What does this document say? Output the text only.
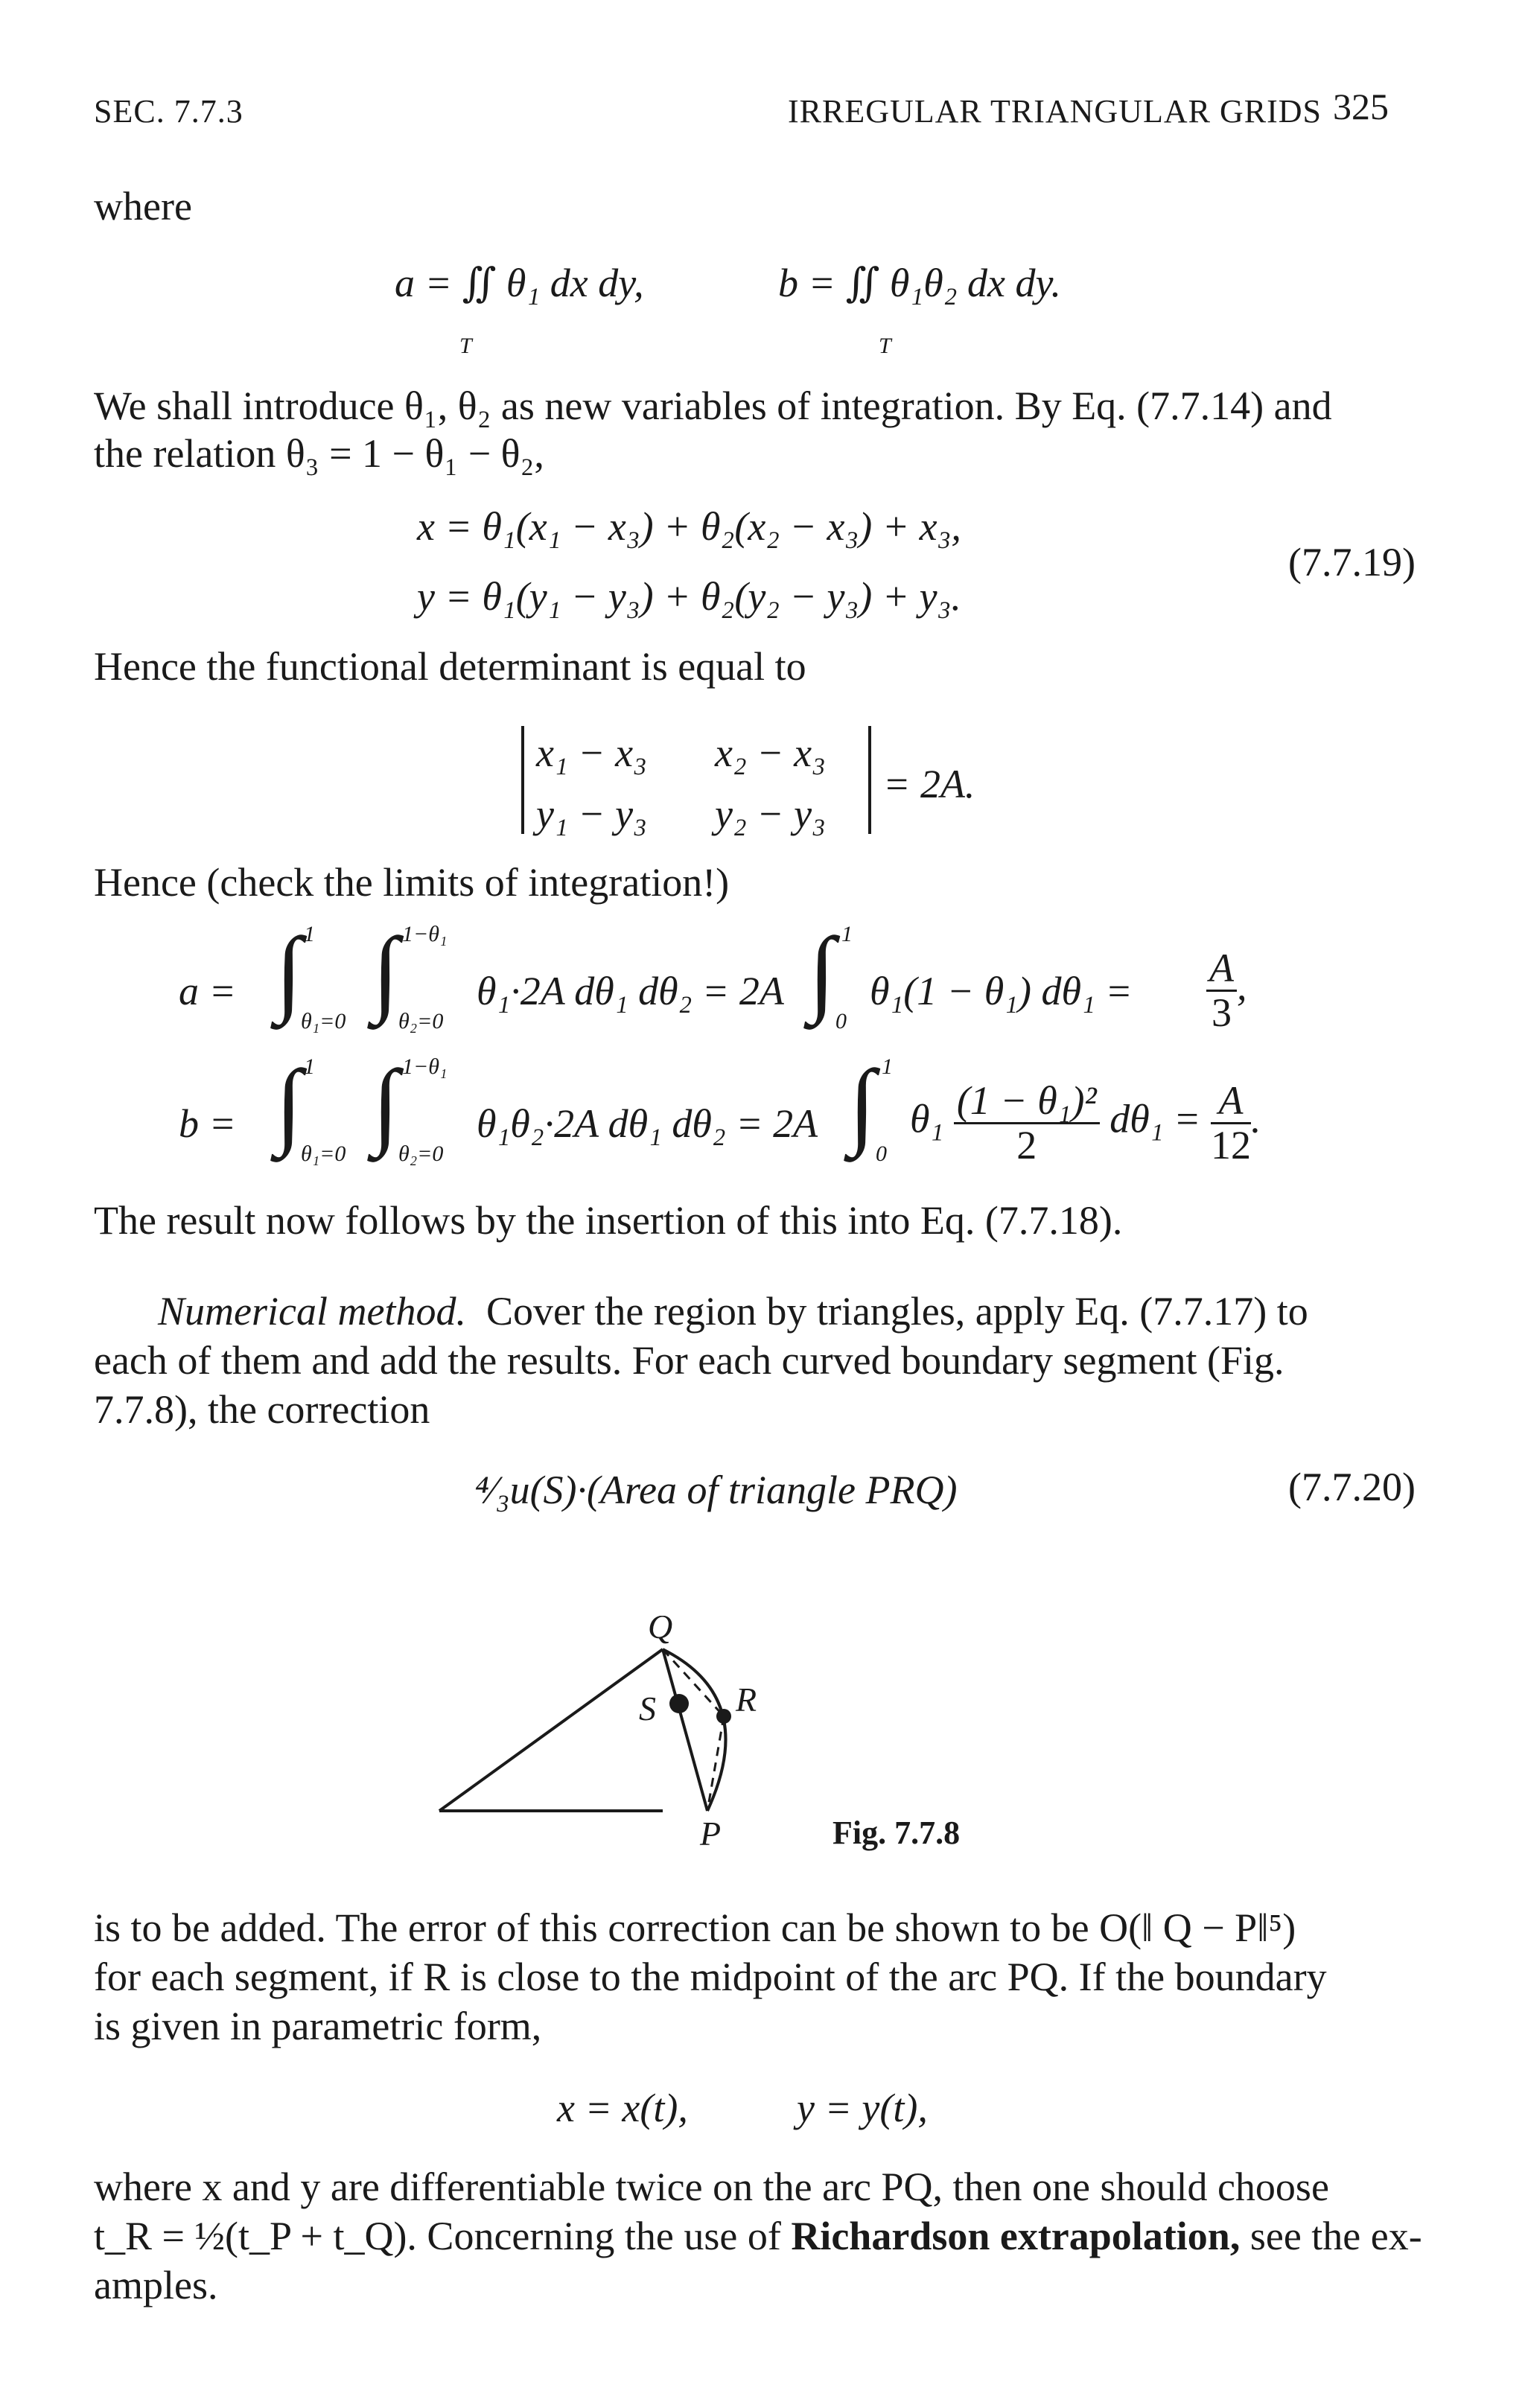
SEC. 7.7.3	IRREGULAR TRIANGULAR GRIDS 325
where
a = ∬ θ₁ dx dy,	b = ∬ θ₁θ₂ dx dy.
T	T
We shall introduce θ₁, θ₂ as new variables of integration. By Eq. (7.7.14) and
the relation θ₃ = 1 − θ₁ − θ₂,
x = θ₁(x₁ − x₃) + θ₂(x₂ − x₃) + x₃,
y = θ₁(y₁ − y₃) + θ₂(y₂ − y₃) + y₃.
(7.7.19)
Hence the functional determinant is equal to
x₁ − x₃ x₂ − x₃
y₁ − y₃ y₂ − y₃
= 2A.
Hence (check the limits of integration!)
a = ∫ 1
θ₁=0 ∫ 1−θ₁
θ₂=0
θ₁·2A dθ₁ dθ₂ = 2A ∫ 1
0
θ₁(1 − θ₁) $d\theta_1 = \frac{A}{3}$ ,
b = ∫ 1
θ₁=0 ∫ 1−θ₁
θ₂=0
θ₁θ₂·2A dθ₁ dθ₂ = 2A ∫ 1
0
$\theta_1 \frac{\text{(1 − θ₁)²}}{2} d\theta_1 = \frac{A}{12}$ .
The result now follows by the insertion of this into Eq. (7.7.18).
Numerical method. Cover the region by triangles, apply Eq. (7.7.17) to
each of them and add the results. For each curved boundary segment (Fig.
7.7.8), the correction
⁴⁄₃u(S)·(Area of triangle PRQ)	(7.7.20)
Q
R
S
P	Fig. 7.7.8
is to be added. The error of this correction can be shown to be O(‖ Q − P‖⁵)
for each segment, if R is close to the midpoint of the arc PQ. If the boundary
is given in parametric form,
x = x(t),	y = y(t),
where x and y are differentiable twice on the arc PQ, then one should choose
t_R = ½(t_P + t_Q). Concerning the use of Richardson extrapolation, see the ex-
amples.
